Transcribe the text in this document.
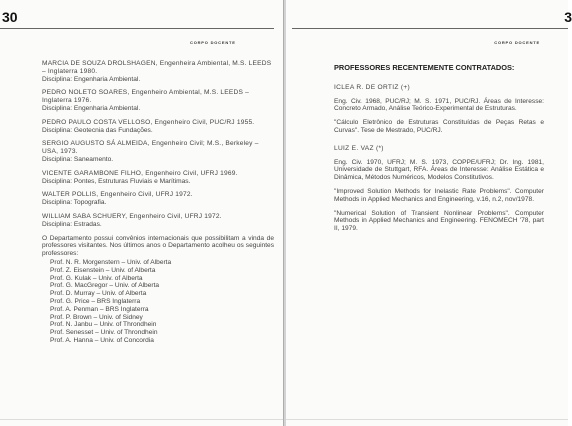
30
CORPO DOCENTE

MARCIA DE SOUZA DROLSHAGEN, Engenheira Ambiental, M.S. LEEDS – Inglaterra 1980.

Disciplina: Engenharia Ambiental.

PEDRO NOLETO SOARES, Engenheiro Ambiental, M.S. LEEDS – Inglaterra 1976.

Disciplina: Engenharia Ambiental.

PEDRO PAULO COSTA VELLOSO, Engenheiro Civil, PUC/RJ 1955.

Disciplina: Geotecnia das Fundações.

SERGIO AUGUSTO SÁ ALMEIDA, Engenheiro Civil; M.S., Berkeley – USA, 1973.

Disciplina: Saneamento.

VICENTE GARAMBONE FILHO, Engenheiro Civil, UFRJ 1969.

Disciplina: Pontes, Estruturas Fluviais e Marítimas.

WALTER POLLIS, Engenheiro Civil, UFRJ 1972.

Disciplina: Topografia.

WILLIAM SABA SCHUERY, Engenheiro Civil, UFRJ 1972.

Disciplina: Estradas.

O Departamento possui convênios internacionais que possibilitam a vinda de professores visitantes. Nos últimos anos o Departamento acolheu os seguintes professores:

Prof. N. R. Morgenstern – Univ. of Alberta
Prof. Z. Eisenstein – Univ. of Alberta
Prof. G. Kulak – Univ. of Alberta
Prof. G. MacGregor – Univ. of Alberta
Prof. D. Murray – Univ. of Alberta
Prof. G. Price – BRS Inglaterra
Prof. A. Penman – BRS Inglaterra
Prof. P. Brown – Univ. of Sidney
Prof. N. Janbu – Univ. of Throndhein
Prof. Senesset – Univ. of Throndhein
Prof. A. Hanna – Univ. of Concordia
3
CORPO DOCENTE
PROFESSORES RECENTEMENTE CONTRATADOS:

ICLEA R. DE ORTIZ (+)

Eng. Civ. 1968, PUC/RJ; M. S. 1971, PUC/RJ. Áreas de Interesse: Concreto Armado, Análise Teórico-Experimental de Estruturas.

"Cálculo Eletrônico de Estruturas Constituídas de Peças Retas e Curvas". Tese de Mestrado, PUC/RJ.

LUIZ E. VAZ (*)

Eng. Civ. 1970, UFRJ; M. S. 1973, COPPE/UFRJ; Dr. Ing. 1981, Universidade de Stuttgart, RFA. Áreas de Interesse: Análise Estática e Dinâmica, Métodos Numéricos, Modelos Constitutivos.

"Improved Solution Methods for Inelastic Rate Problems". Computer Methods in Applied Mechanics and Engineering, v.16, n.2, nov/1978.

"Numerical Solution of Transient Nonlinear Problems". Computer Methods in Applied Mechanics and Engineering. FENOMECH '78, part II, 1979.
